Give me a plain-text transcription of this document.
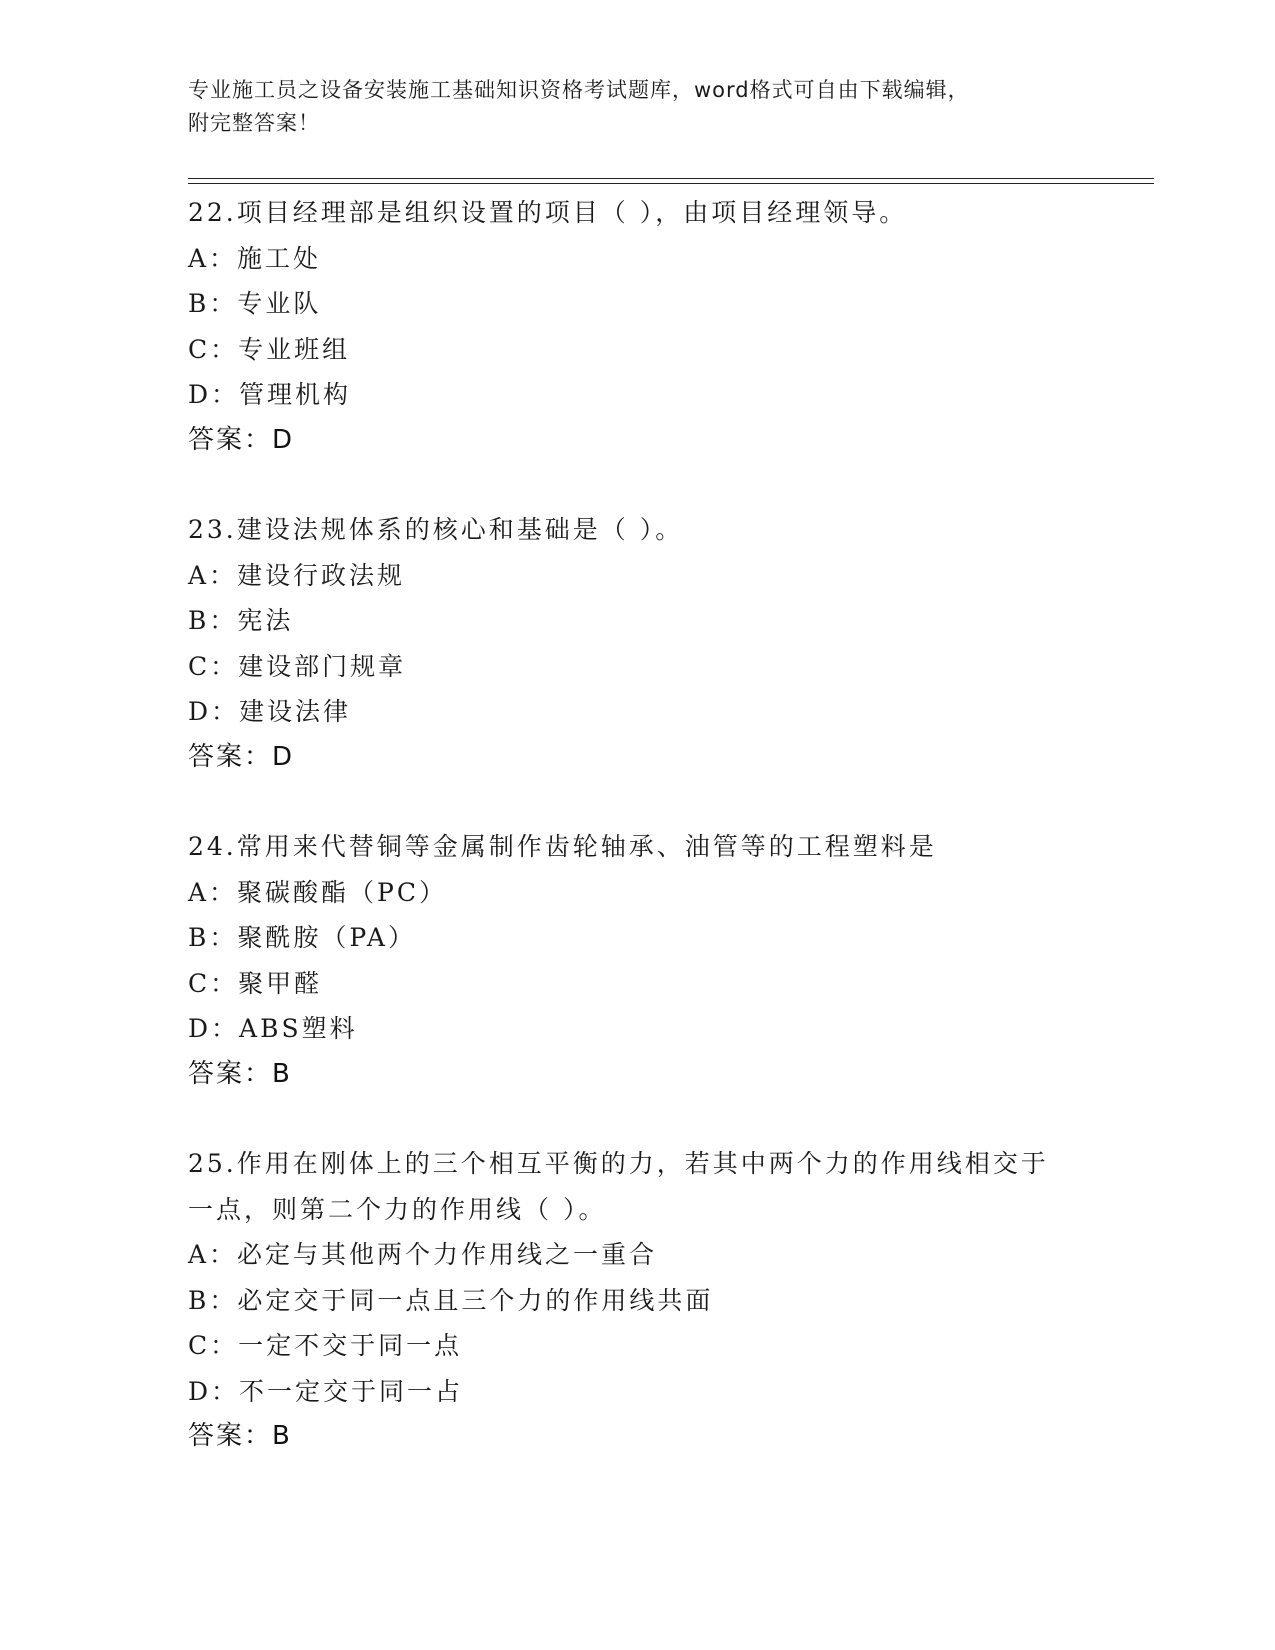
专业施工员之设备安装施工基础知识资格考试题库，word格式可自由下载编辑，
附完整答案！
22.项目经理部是组织设置的项目（ ），由项目经理领导。
A：施工处
B：专业队
C：专业班组
D：管理机构
答案：D
23.建设法规体系的核心和基础是（ ）。
A：建设行政法规
B：宪法
C：建设部门规章
D：建设法律
答案：D
24.常用来代替铜等金属制作齿轮轴承、油管等的工程塑料是
A：聚碳酸酯（PC）
B：聚酰胺（PA）
C：聚甲醛
D：ABS塑料
答案：B
25.作用在刚体上的三个相互平衡的力，若其中两个力的作用线相交于
一点，则第二个力的作用线（ ）。
A：必定与其他两个力作用线之一重合
B：必定交于同一点且三个力的作用线共面
C：一定不交于同一点
D：不一定交于同一占
答案：B
